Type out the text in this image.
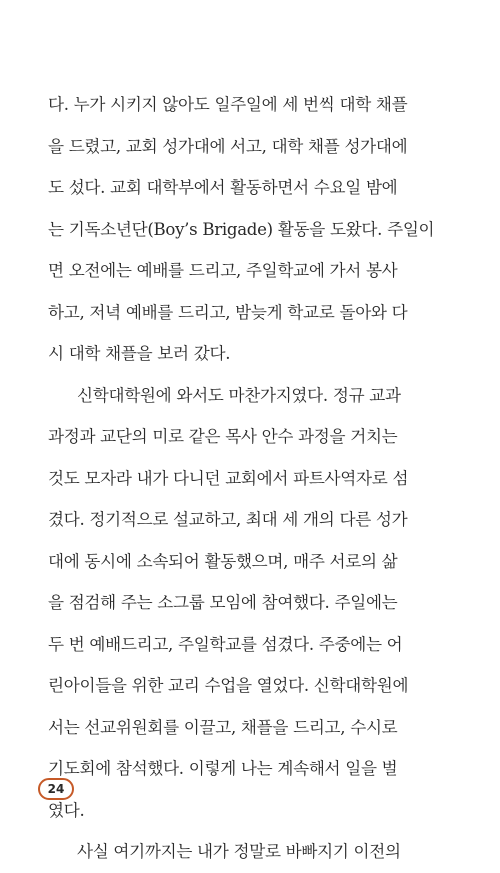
다. 누가 시키지 않아도 일주일에 세 번씩 대학 채플
을 드렸고, 교회 성가대에 서고, 대학 채플 성가대에
도 섰다. 교회 대학부에서 활동하면서 수요일 밤에
는 기독소년단(Boy’s Brigade) 활동을 도왔다. 주일이
면 오전에는 예배를 드리고, 주일학교에 가서 봉사
하고, 저녁 예배를 드리고, 밤늦게 학교로 돌아와 다
시 대학 채플을 보러 갔다.
신학대학원에 와서도 마찬가지였다. 정규 교과
과정과 교단의 미로 같은 목사 안수 과정을 거치는
것도 모자라 내가 다니던 교회에서 파트사역자로 섬
겼다. 정기적으로 설교하고, 최대 세 개의 다른 성가
대에 동시에 소속되어 활동했으며, 매주 서로의 삶
을 점검해 주는 소그룹 모임에 참여했다. 주일에는
두 번 예배드리고, 주일학교를 섬겼다. 주중에는 어
린아이들을 위한 교리 수업을 열었다. 신학대학원에
서는 선교위원회를 이끌고, 채플을 드리고, 수시로
기도회에 참석했다. 이렇게 나는 계속해서 일을 벌
였다.
사실 여기까지는 내가 정말로 바빠지기 이전의
24
